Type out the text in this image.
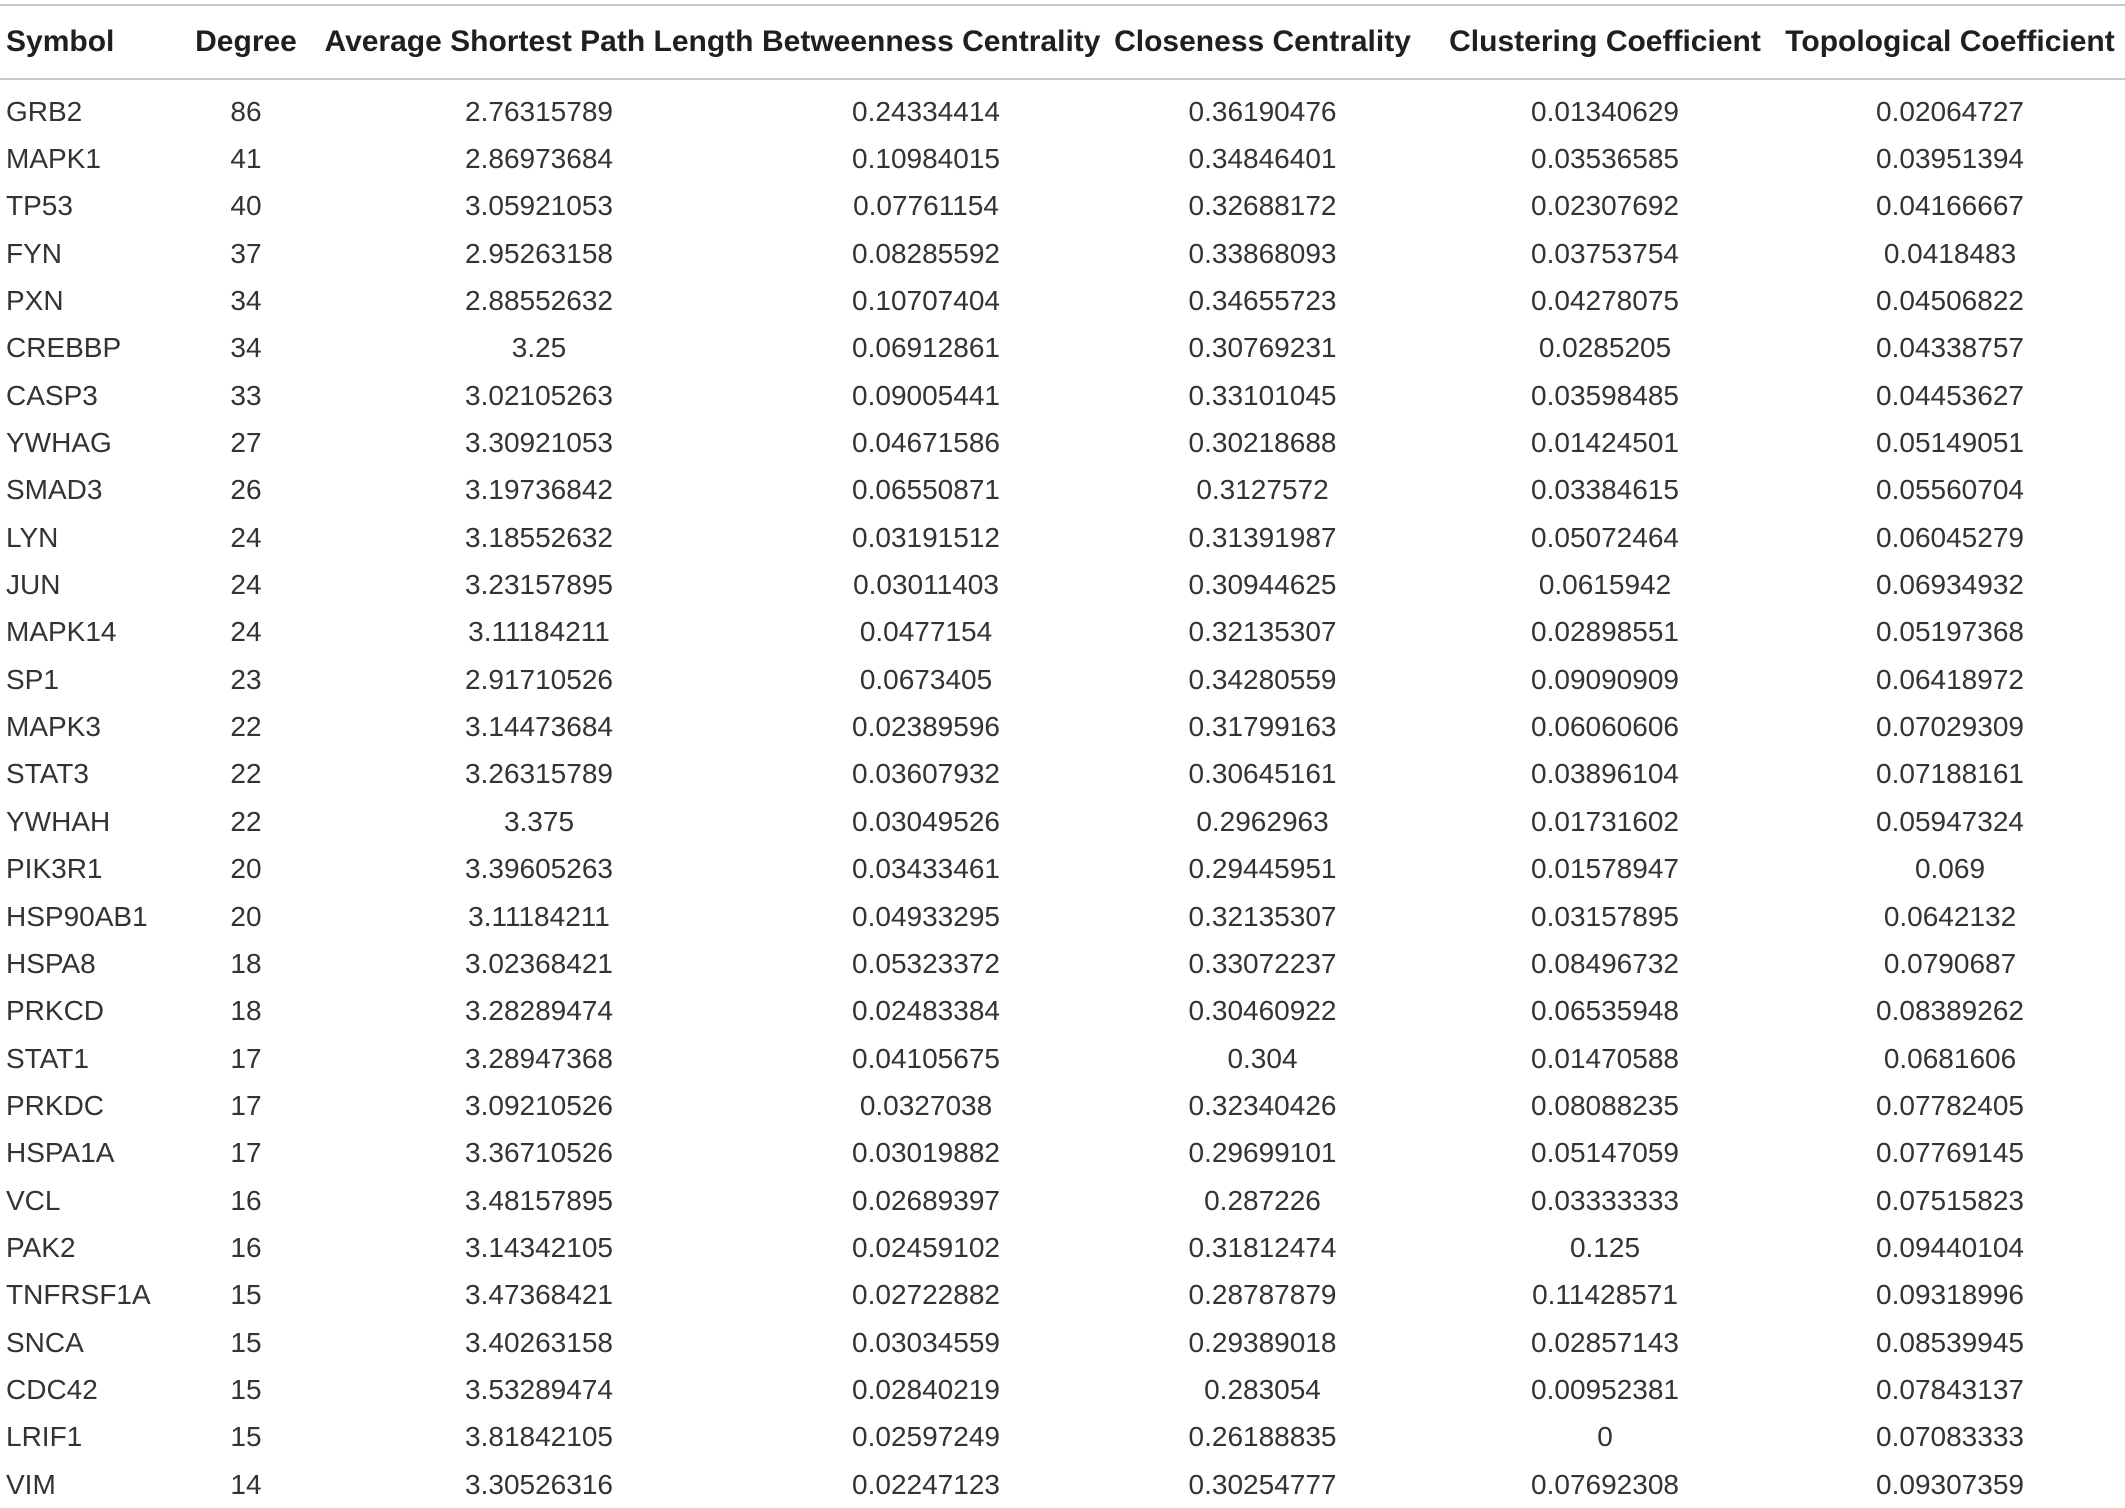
Symbol	Degree	Average Shortest Path Length	Betweenness Centrality	Closeness Centrality	Clustering Coefficient	Topological Coefficient
GRB2	86	2.76315789	0.24334414	0.36190476	0.01340629	0.02064727
MAPK1	41	2.86973684	0.10984015	0.34846401	0.03536585	0.03951394
TP53	40	3.05921053	0.07761154	0.32688172	0.02307692	0.04166667
FYN	37	2.95263158	0.08285592	0.33868093	0.03753754	0.0418483
PXN	34	2.88552632	0.10707404	0.34655723	0.04278075	0.04506822
CREBBP	34	3.25	0.06912861	0.30769231	0.0285205	0.04338757
CASP3	33	3.02105263	0.09005441	0.33101045	0.03598485	0.04453627
YWHAG	27	3.30921053	0.04671586	0.30218688	0.01424501	0.05149051
SMAD3	26	3.19736842	0.06550871	0.3127572	0.03384615	0.05560704
LYN	24	3.18552632	0.03191512	0.31391987	0.05072464	0.06045279
JUN	24	3.23157895	0.03011403	0.30944625	0.0615942	0.06934932
MAPK14	24	3.11184211	0.0477154	0.32135307	0.02898551	0.05197368
SP1	23	2.91710526	0.0673405	0.34280559	0.09090909	0.06418972
MAPK3	22	3.14473684	0.02389596	0.31799163	0.06060606	0.07029309
STAT3	22	3.26315789	0.03607932	0.30645161	0.03896104	0.07188161
YWHAH	22	3.375	0.03049526	0.2962963	0.01731602	0.05947324
PIK3R1	20	3.39605263	0.03433461	0.29445951	0.01578947	0.069
HSP90AB1	20	3.11184211	0.04933295	0.32135307	0.03157895	0.0642132
HSPA8	18	3.02368421	0.05323372	0.33072237	0.08496732	0.0790687
PRKCD	18	3.28289474	0.02483384	0.30460922	0.06535948	0.08389262
STAT1	17	3.28947368	0.04105675	0.304	0.01470588	0.0681606
PRKDC	17	3.09210526	0.0327038	0.32340426	0.08088235	0.07782405
HSPA1A	17	3.36710526	0.03019882	0.29699101	0.05147059	0.07769145
VCL	16	3.48157895	0.02689397	0.287226	0.03333333	0.07515823
PAK2	16	3.14342105	0.02459102	0.31812474	0.125	0.09440104
TNFRSF1A	15	3.47368421	0.02722882	0.28787879	0.11428571	0.09318996
SNCA	15	3.40263158	0.03034559	0.29389018	0.02857143	0.08539945
CDC42	15	3.53289474	0.02840219	0.283054	0.00952381	0.07843137
LRIF1	15	3.81842105	0.02597249	0.26188835	0	0.07083333
VIM	14	3.30526316	0.02247123	0.30254777	0.07692308	0.09307359
